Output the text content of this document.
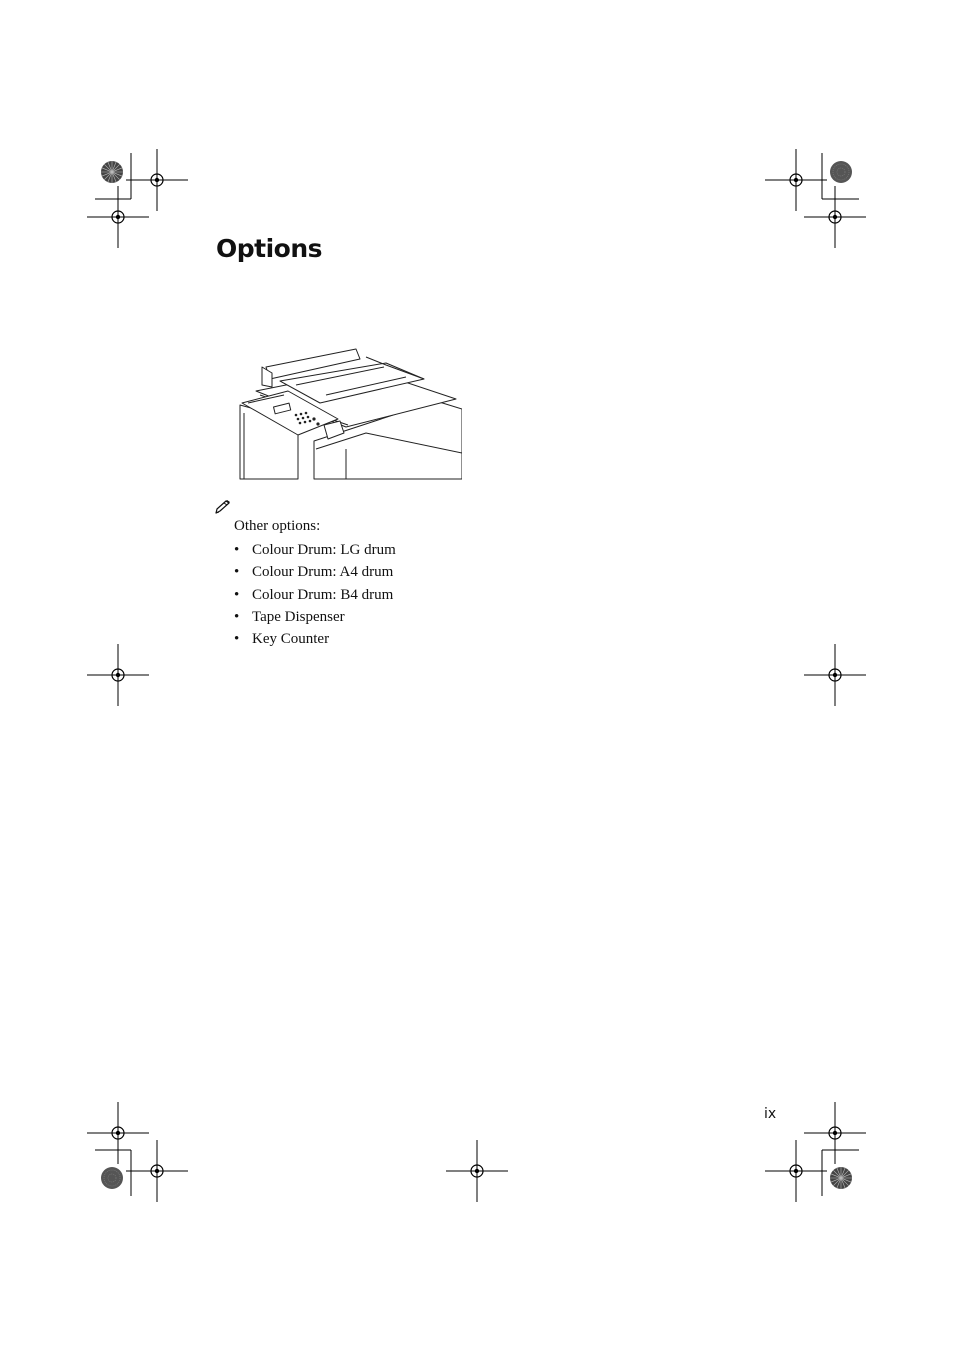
Options
Other options:
• Colour Drum: LG drum
• Colour Drum: A4 drum
• Colour Drum: B4 drum
• Tape Dispenser
• Key Counter
ix
